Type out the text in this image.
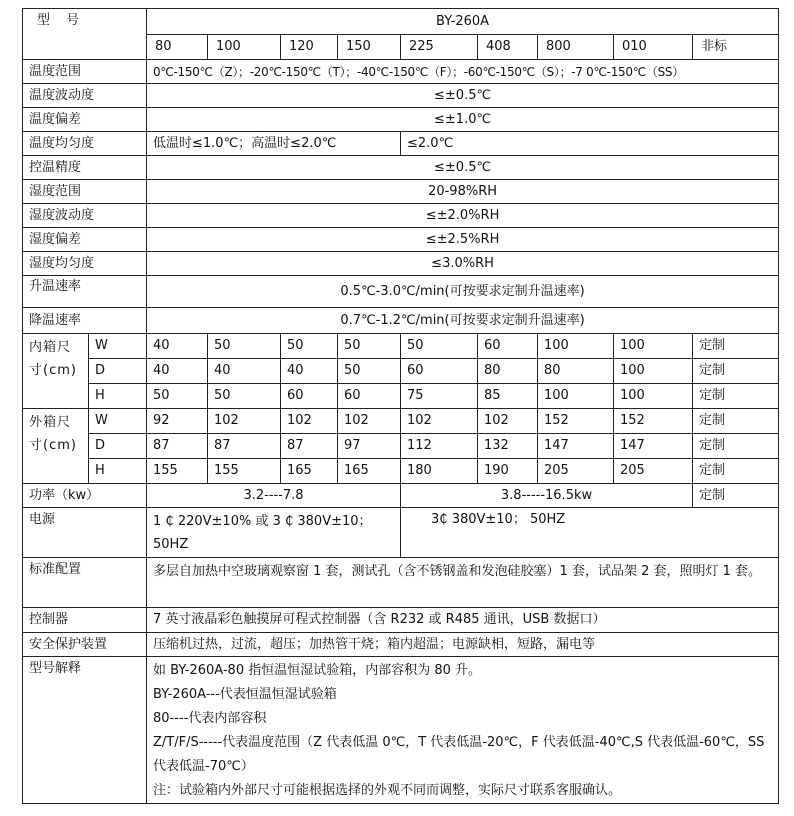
型 号		BY-260A								
		80	100	120	150	225	408	800	010	非标
温度范围		0℃-150℃（Z）；-20℃-150℃（T）；-40℃-150℃（F）；-60℃-150℃（S）；-7 0℃-150℃（SS）								
温度波动度		≤±0.5℃								
温度偏差		≤±1.0℃								
温度均匀度		低温时≤1.0℃；高温时≤2.0℃				≤2.0℃				
控温精度		≤±0.5℃								
湿度范围		20-98%RH								
湿度波动度		≤±2.0%RH								
湿度偏差		≤±2.5%RH								
湿度均匀度		≤3.0%RH								
升温速率		0.5℃-3.0℃/min(可按要求定制升温速率)								
降温速率		0.7℃-1.2℃/min(可按要求定制升温速率)								
内箱尺寸(cm)	W	40	50	50	50	50	60	100	100	定制
	D	40	40	40	50	60	80	80	100	定制
	H	50	50	60	60	75	85	100	100	定制
外箱尺寸(cm)	W	92	102	102	102	102	102	152	152	定制
	D	87	87	87	97	112	132	147	147	定制
	H	155	155	165	165	180	190	205	205	定制
功率（kw）		3.2----7.8				3.8-----16.5kw				定制
电源		1 ₵ 220V±10% 或 3 ₵ 380V±10；50HZ				3₵ 380V±10； 50HZ				
标准配置		多层自加热中空玻璃观察窗 1 套，测试孔（含不锈钢盖和发泡硅胶塞）1 套，试品架 2 套，照明灯 1 套。								
控制器		7 英寸液晶彩色触摸屏可程式控制器（含 R232 或 R485 通讯，USB 数据口）								
安全保护装置		压缩机过热，过流，超压；加热管干烧；箱内超温；电源缺相，短路，漏电等								
型号解释		如 BY-260A-80 指恒温恒湿试验箱，内部容积为 80 升。
BY-260A---代表恒温恒湿试验箱
80----代表内部容积
Z/T/F/S-----代表温度范围（Z 代表低温 0℃，T 代表低温-20℃，F 代表低温-40℃,S 代表低温-60℃，SS 代表低温-70℃）
注：试验箱内外部尺寸可能根据选择的外观不同而调整，实际尺寸联系客服确认。								
